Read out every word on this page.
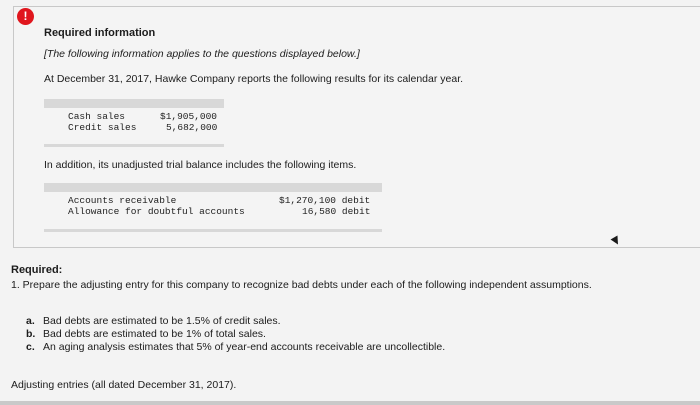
!
Required information
[The following information applies to the questions displayed below.]
At December 31, 2017, Hawke Company reports the following results for its calendar year.
Cash sales	$1,905,000
Credit sales	5,682,000
In addition, its unadjusted trial balance includes the following items.
Accounts receivable	$1,270,100 debit
Allowance for doubtful accounts	16,580 debit
Required:
1. Prepare the adjusting entry for this company to recognize bad debts under each of the following independent assumptions.
a. Bad debts are estimated to be 1.5% of credit sales.
b. Bad debts are estimated to be 1% of total sales.
c. An aging analysis estimates that 5% of year-end accounts receivable are uncollectible.
Adjusting entries (all dated December 31, 2017).
